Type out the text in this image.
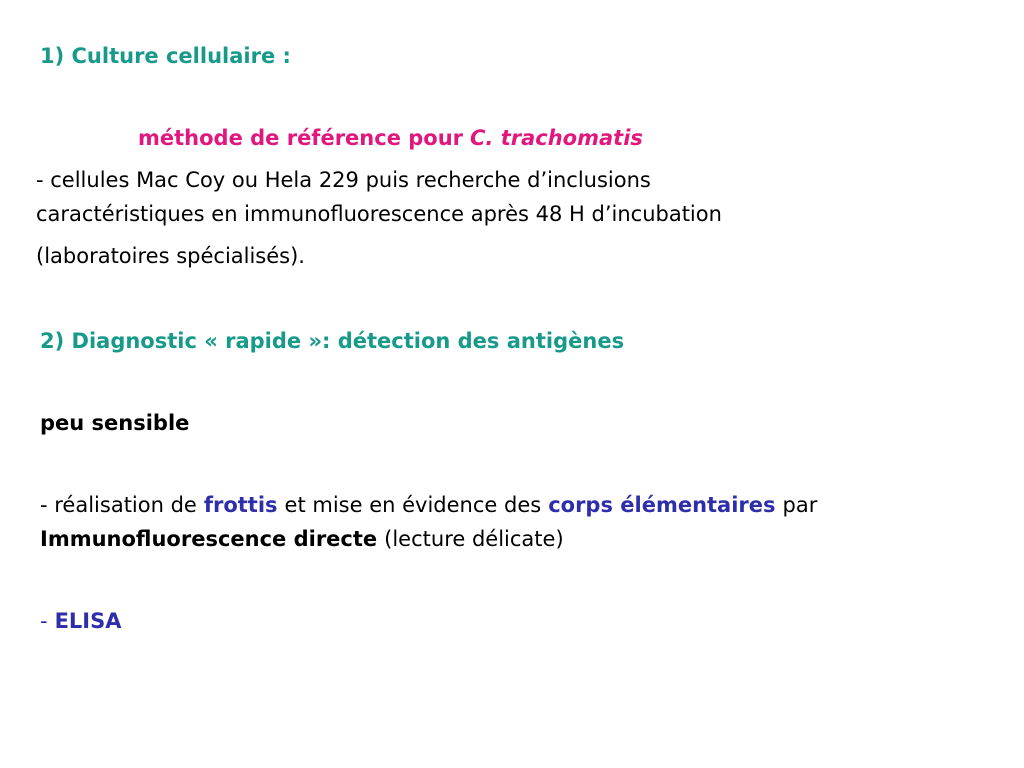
1) Culture cellulaire :
méthode de référence pour C. trachomatis
- cellules Mac Coy ou Hela 229 puis recherche d’inclusions
caractéristiques en immunofluorescence après 48 H d’incubation
(laboratoires spécialisés).
2) Diagnostic « rapide »: détection des antigènes
peu sensible
- réalisation de frottis et mise en évidence des corps élémentaires par
Immunofluorescence directe (lecture délicate)
- ELISA
